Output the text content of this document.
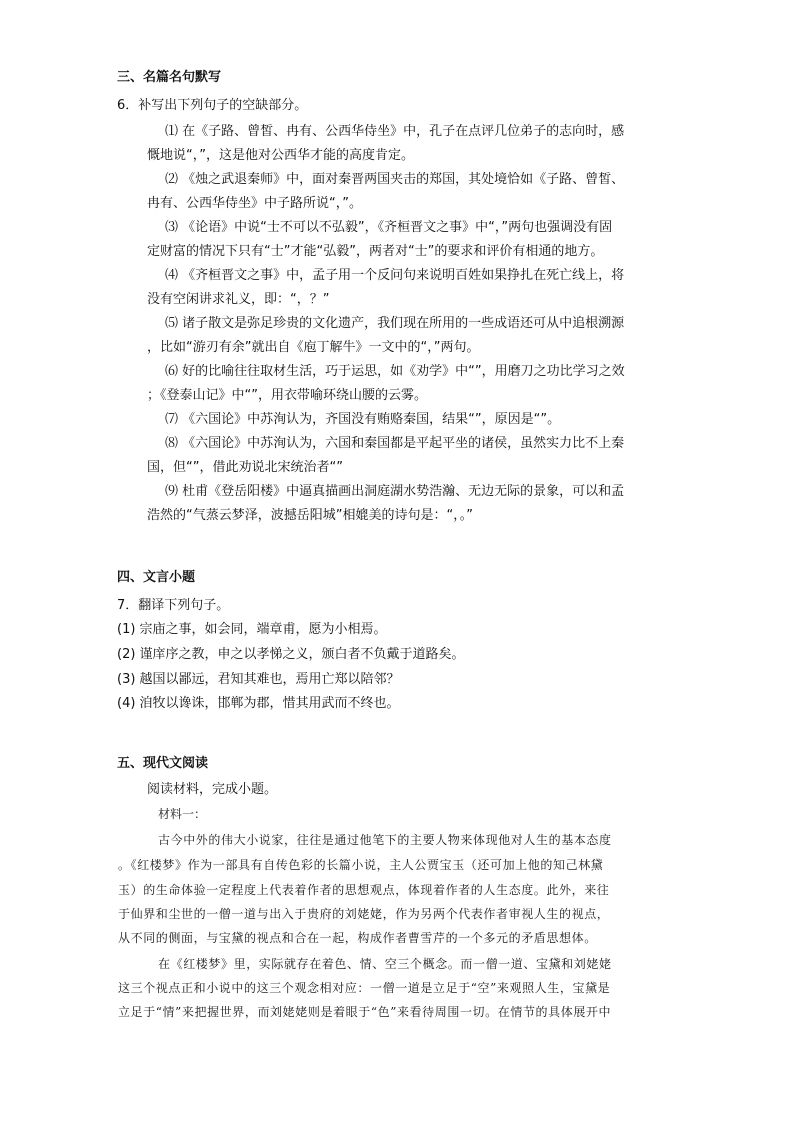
三、名篇名句默写
6．补写出下列句子的空缺部分。
⑴ 在《子路、曾皙、冉有、公西华侍坐》中，孔子在点评几位弟子的志向时，感
慨地说“，”，这是他对公西华才能的高度肯定。
⑵ 《烛之武退秦师》中，面对秦晋两国夹击的郑国，其处境恰如《子路、曾皙、
冉有、公西华侍坐》中子路所说“，”。
⑶ 《论语》中说“士不可以不弘毅”，《齐桓晋文之事》中“，”两句也强调没有固
定财富的情况下只有“士”才能“弘毅”，两者对“士”的要求和评价有相通的地方。
⑷ 《齐桓晋文之事》中，孟子用一个反问句来说明百姓如果挣扎在死亡线上，将
没有空闲讲求礼义，即：“，？”
⑸ 诸子散文是弥足珍贵的文化遗产，我们现在所用的一些成语还可从中追根溯源
，比如“游刃有余”就出自《庖丁解牛》一文中的“，”两句。
⑹ 好的比喻往往取材生活，巧于运思，如《劝学》中“”，用磨刀之功比学习之效
；《登泰山记》中“”，用衣带喻环绕山腰的云雾。
⑺ 《六国论》中苏洵认为，齐国没有贿赂秦国，结果“”，原因是“”。
⑻ 《六国论》中苏洵认为，六国和秦国都是平起平坐的诸侯，虽然实力比不上秦
国，但“”，借此劝说北宋统治者“”
⑼ 杜甫《登岳阳楼》中逼真描画出洞庭湖水势浩瀚、无边无际的景象，可以和孟
浩然的“气蒸云梦泽，波撼岳阳城”相媲美的诗句是：“，。”
四、文言小题
7．翻译下列句子。
(1) 宗庙之事，如会同，端章甫，愿为小相焉。
(2) 谨庠序之教，申之以孝悌之义，颁白者不负戴于道路矣。
(3) 越国以鄙远，君知其难也，焉用亡郑以陪邻？
(4) 洎牧以谗诛，邯郸为郡，惜其用武而不终也。
五、现代文阅读
阅读材料，完成小题。
材料一：
古今中外的伟大小说家，往往是通过他笔下的主要人物来体现他对人生的基本态度
。《红楼梦》作为一部具有自传色彩的长篇小说，主人公贾宝玉（还可加上他的知己林黛
玉）的生命体验一定程度上代表着作者的思想观点，体现着作者的人生态度。此外，来往
于仙界和尘世的一僧一道与出入于贵府的刘姥姥，作为另两个代表作者审视人生的视点，
从不同的侧面，与宝黛的视点和合在一起，构成作者曹雪芹的一个多元的矛盾思想体。
在《红楼梦》里，实际就存在着色、情、空三个概念。而一僧一道、宝黛和刘姥姥
这三个视点正和小说中的这三个观念相对应：一僧一道是立足于“空”来观照人生，宝黛是
立足于“情”来把握世界，而刘姥姥则是着眼于“色”来看待周围一切。在情节的具体展开中
